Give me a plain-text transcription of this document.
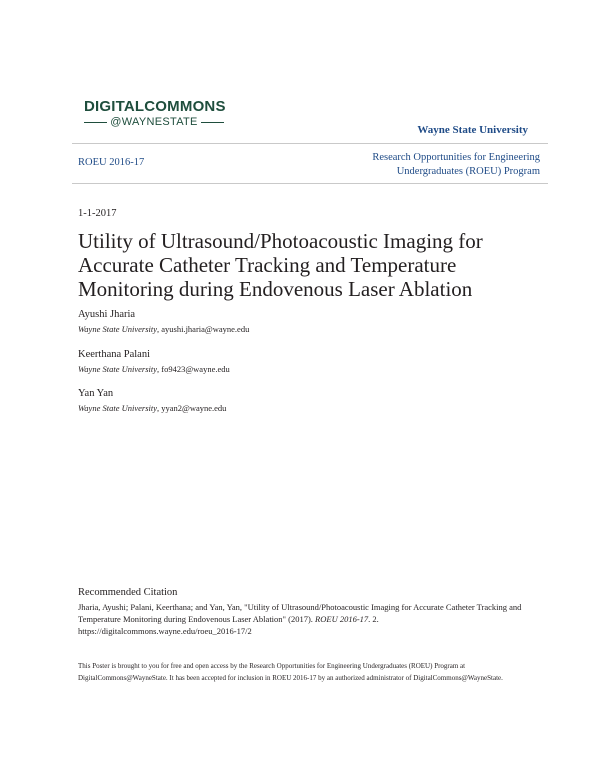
DIGITALCOMMONS
@WAYNESTATE
Wayne State University
ROEU 2016-17	Research Opportunities for Engineering
Undergraduates (ROEU) Program
1-1-2017
Utility of Ultrasound/Photoacoustic Imaging for Accurate Catheter Tracking and Temperature Monitoring during Endovenous Laser Ablation
Ayushi Jharia
Wayne State University, ayushi.jharia@wayne.edu
Keerthana Palani
Wayne State University, fo9423@wayne.edu
Yan Yan
Wayne State University, yyan2@wayne.edu
Recommended Citation
Jharia, Ayushi; Palani, Keerthana; and Yan, Yan, "Utility of Ultrasound/Photoacoustic Imaging for Accurate Catheter Tracking and Temperature Monitoring during Endovenous Laser Ablation" (2017). ROEU 2016-17. 2.
https://digitalcommons.wayne.edu/roeu_2016-17/2
This Poster is brought to you for free and open access by the Research Opportunities for Engineering Undergraduates (ROEU) Program at DigitalCommons@WayneState. It has been accepted for inclusion in ROEU 2016-17 by an authorized administrator of DigitalCommons@WayneState.
